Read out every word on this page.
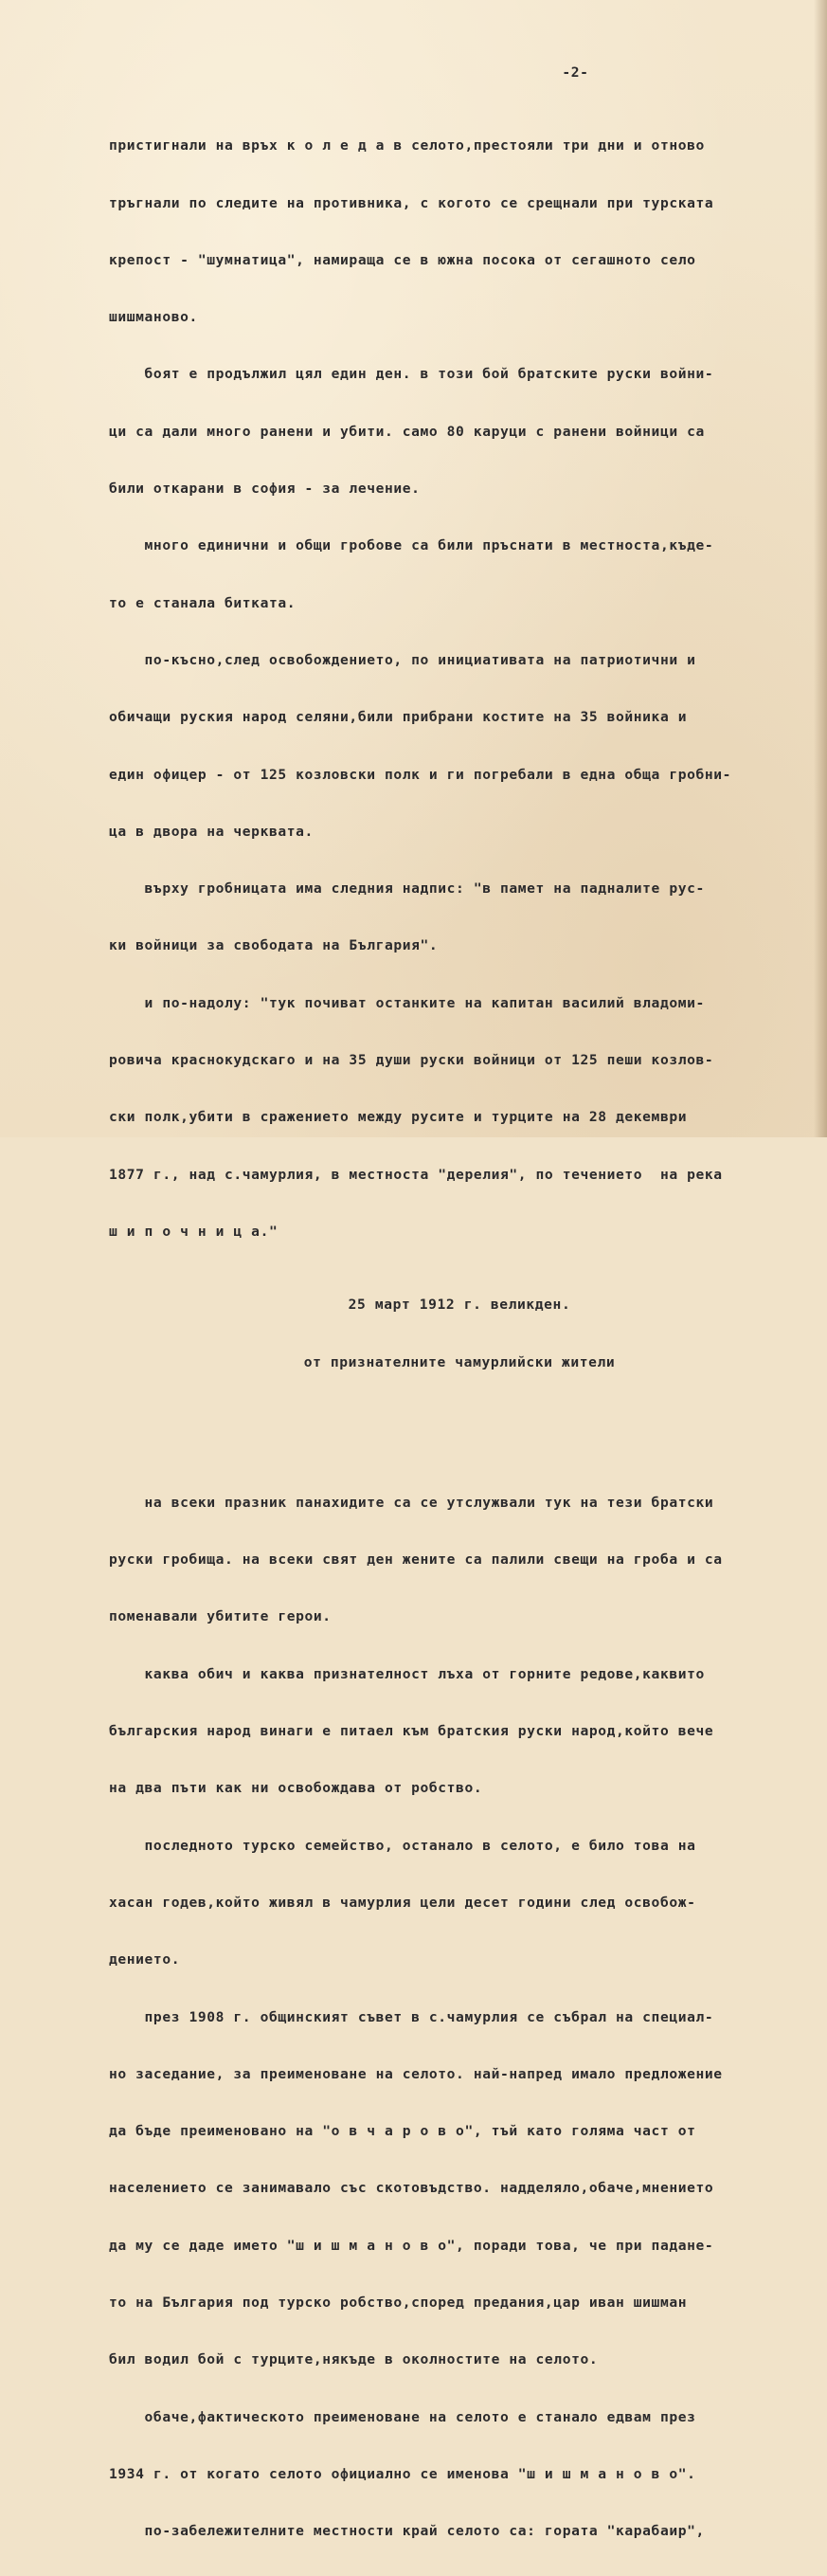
-2-

пристигнали на връх к о л е д а в селото,престояли три дни и отново

тръгнали по следите на противника, с когото се срещнали при турската

крепост - "шумнатица", намираща се в южна посока от сегашното село

шишманово.

боят е продължил цял един ден. в този бой братските руски войни-

ци са дали много ранени и убити. само 80 каруци с ранени войници са

били откарани в софия - за лечение.

много единични и общи гробове са били пръснати в местноста,къде-

то е станала битката.

по-късно,след освобождението, по инициативата на патриотични и

обичащи руския народ селяни,били прибрани костите на 35 войника и

един офицер - от 125 козловски полк и ги погребали в една обща гробни-

ца в двора на черквата.

върху гробницата има следния надпис: "в памет на падналите рус-

ки войници за свободата на България".

и по-надолу: "тук почиват останките на капитан василий владоми-

ровича краснокудскаго и на 35 души руски войници от 125 пеши козлов-

ски полк,убити в сражението между русите и турците на 28 декември

1877 г., над с.чамурлия, в местноста "дерелия", по течението  на река

ш и п о ч н и ц а."

25 март 1912 г. великден.

от признателните чамурлийски жители

на всеки празник панахидите са се утслужвали тук на тези братски

руски гробища. на всеки свят ден жените са палили свещи на гроба и са

поменавали убитите герои.

каква обич и каква признателност лъха от горните редове,каквито

българския народ винаги е питаел към братския руски народ,който вече

на два пъти как ни освобождава от робство.

последното турско семейство, останало в селото, е било това на

хасан годев,който живял в чамурлия цели десет години след освобож-

дението.

през 1908 г. общинският съвет в с.чамурлия се събрал на специал-

но заседание, за преименоване на селото. най-напред имало предложение

да бъде преименовано на "о в ч а р о в о", тъй като голяма част от

населението се занимавало със скотовъдство. надделяло,обаче,мнението

да му се даде името "ш и ш м а н о в о", поради това, че при падане-

то на България под турско робство,според предания,цар иван шишман

бил водил бой с турците,някъде в околностите на селото.

обаче,фактическото преименоване на селото е станало едвам през

1934 г. от когато селото официално се именова "ш и ш м а н о в о".

по-забележителните местности край селото са: гората "карабаир",
